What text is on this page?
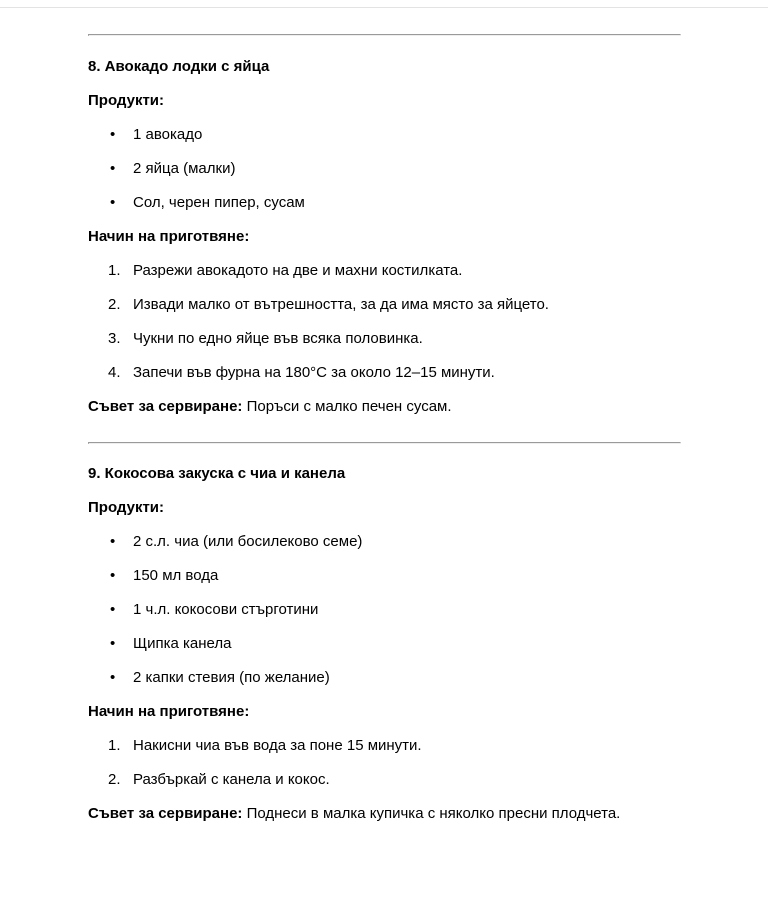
8. Авокадо лодки с яйца

Продукти:

• 1 авокадо
• 2 яйца (малки)
• Сол, черен пипер, сусам

Начин на приготвяне:

1. Разрежи авокадото на две и махни костилката.
2. Извади малко от вътрешността, за да има място за яйцето.
3. Чукни по едно яйце във всяка половинка.
4. Запечи във фурна на 180°C за около 12–15 минути.

Съвет за сервиране: Поръси с малко печен сусам.

9. Кокосова закуска с чиа и канела

Продукти:

• 2 с.л. чиа (или босилеково семе)
• 150 мл вода
• 1 ч.л. кокосови стърготини
• Щипка канела
• 2 капки стевия (по желание)

Начин на приготвяне:

1. Накисни чиа във вода за поне 15 минути.
2. Разбъркай с канела и кокос.

Съвет за сервиране: Поднеси в малка купичка с няколко пресни плодчета.
